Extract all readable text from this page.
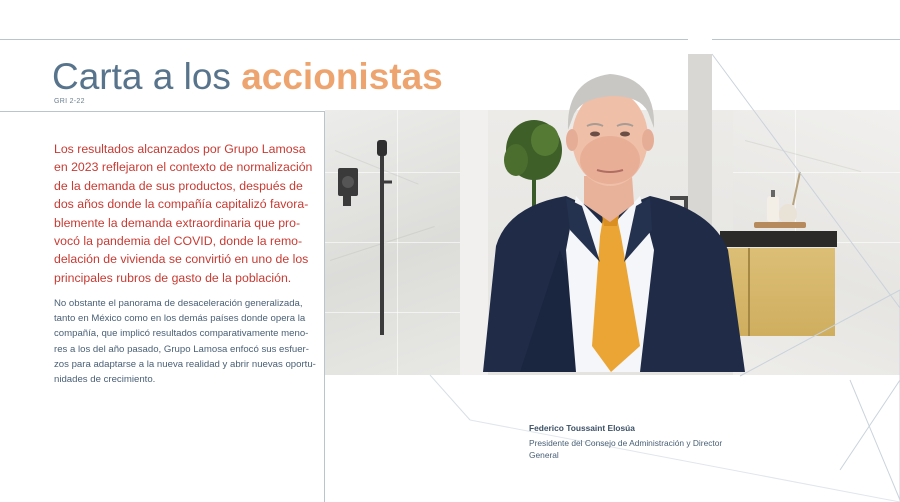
Carta a los accionistas
GRI 2-22

Los resultados alcanzados por Grupo Lamosa en 2023 reflejaron el contexto de normalización de la demanda de sus productos, después de dos años donde la compañía capitalizó favorablemente la demanda extraordinaria que provocó la pandemia del COVID, donde la remodelación de vivienda se convirtió en uno de los principales rubros de gasto de la población.

No obstante el panorama de desaceleración generalizada, tanto en México como en los demás países donde opera la compañía, que implicó resultados comparativamente menores a los del año pasado, Grupo Lamosa enfocó sus esfuerzos para adaptarse a la nueva realidad y abrir nuevas oportunidades de crecimiento.

Federico Toussaint Elosúa
Presidente del Consejo de Administración y Director General
